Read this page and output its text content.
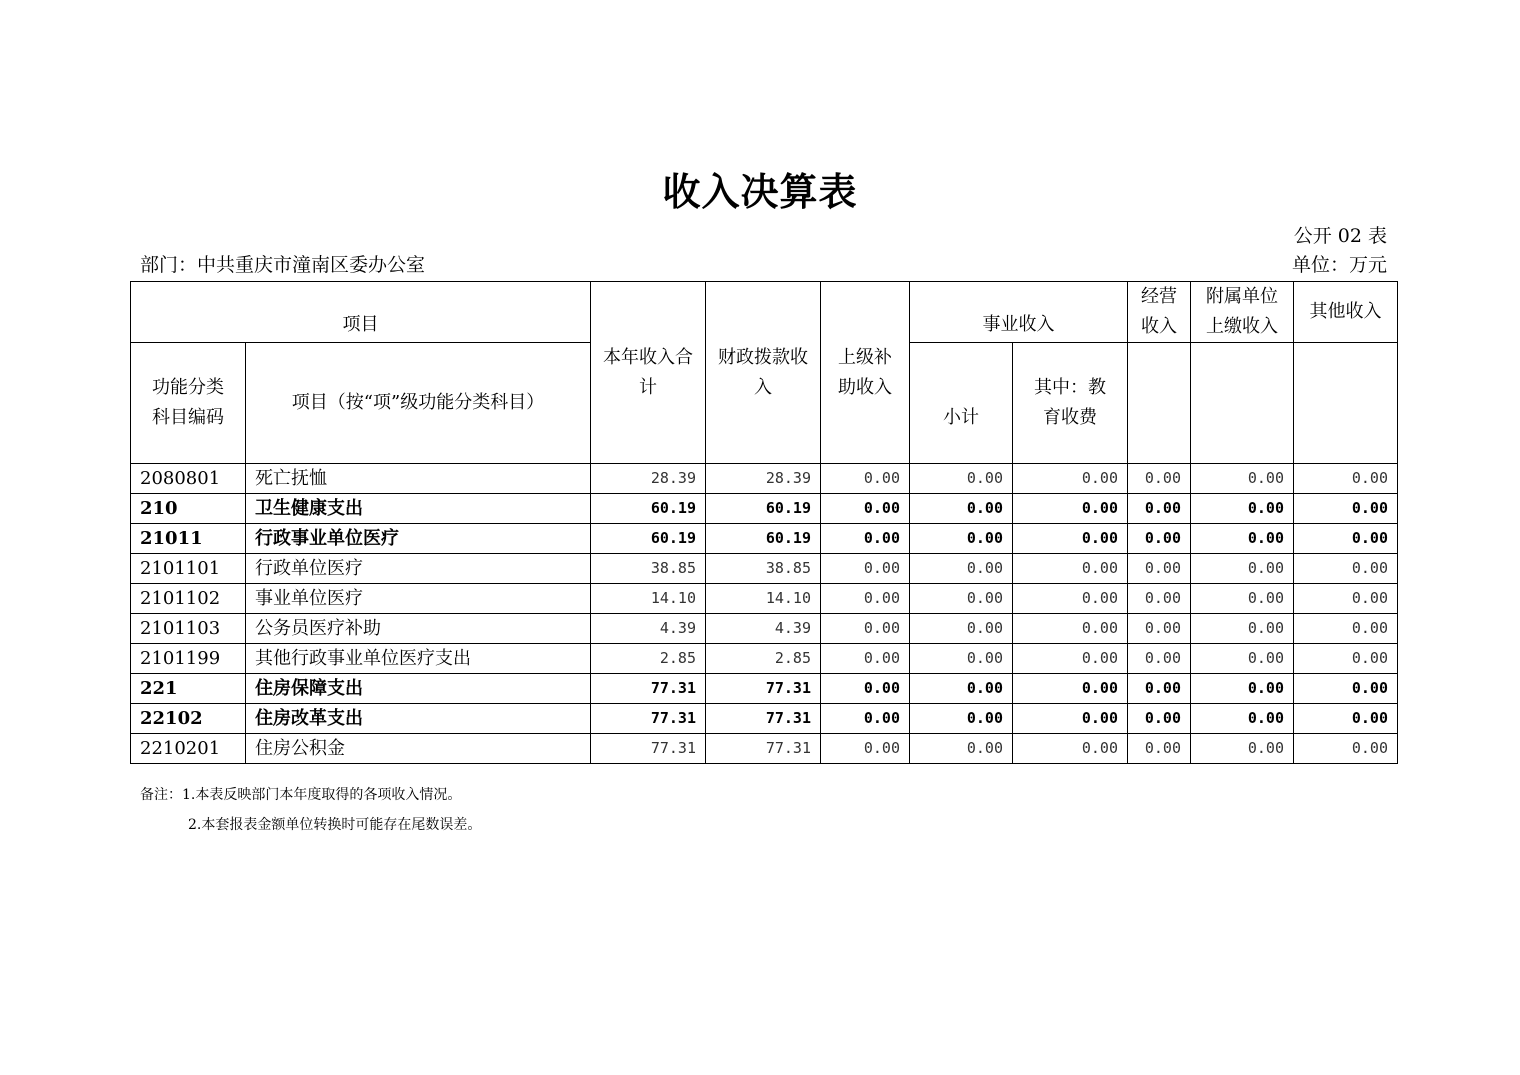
收入决算表
公开 02 表
部门：中共重庆市潼南区委办公室	单位：万元
项目		本年收入合计	财政拨款收入	上级补助收入	事业收入		经营收入	附属单位上缴收入	其他收入
功能分类科目编码	项目（按“项”级功能分类科目）				小计	其中：教育收费			
2080801	死亡抚恤	28.39	28.39	0.00	0.00	0.00	0.00	0.00	0.00
210	卫生健康支出	60.19	60.19	0.00	0.00	0.00	0.00	0.00	0.00
21011	行政事业单位医疗	60.19	60.19	0.00	0.00	0.00	0.00	0.00	0.00
2101101	行政单位医疗	38.85	38.85	0.00	0.00	0.00	0.00	0.00	0.00
2101102	事业单位医疗	14.10	14.10	0.00	0.00	0.00	0.00	0.00	0.00
2101103	公务员医疗补助	4.39	4.39	0.00	0.00	0.00	0.00	0.00	0.00
2101199	其他行政事业单位医疗支出	2.85	2.85	0.00	0.00	0.00	0.00	0.00	0.00
221	住房保障支出	77.31	77.31	0.00	0.00	0.00	0.00	0.00	0.00
22102	住房改革支出	77.31	77.31	0.00	0.00	0.00	0.00	0.00	0.00
2210201	住房公积金	77.31	77.31	0.00	0.00	0.00	0.00	0.00	0.00
备注：1.本表反映部门本年度取得的各项收入情况。
2.本套报表金额单位转换时可能存在尾数误差。
